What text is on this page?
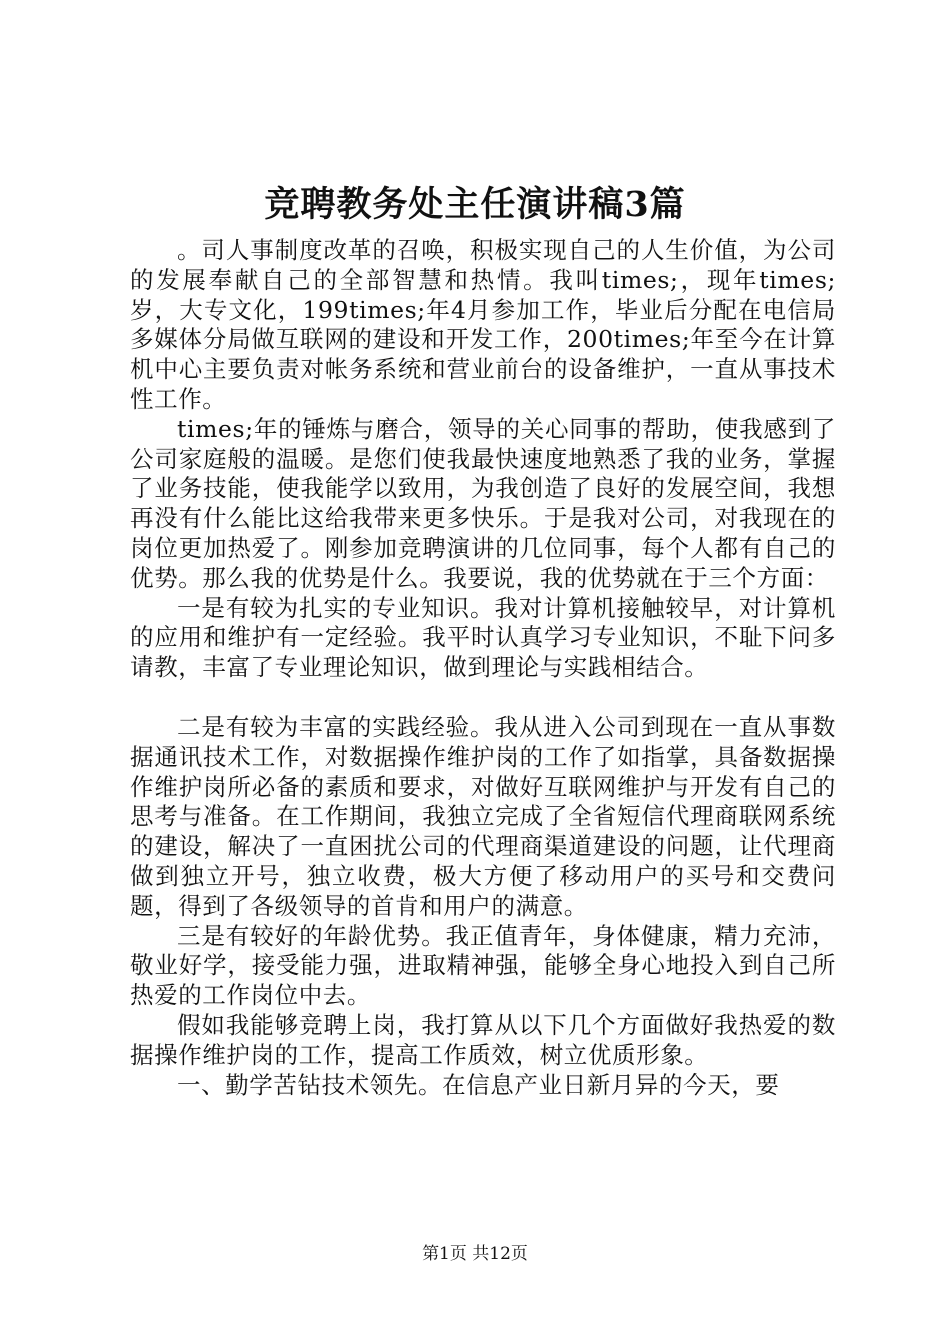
竞聘教务处主任演讲稿3篇

。司人事制度改革的召唤，积极实现自己的人生价值，为公司的发展奉献自己的全部智慧和热情。我叫times;，现年times;岁，大专文化，199times;年4月参加工作，毕业后分配在电信局多媒体分局做互联网的建设和开发工作，200times;年至今在计算机中心主要负责对帐务系统和营业前台的设备维护，一直从事技术性工作。

times;年的锤炼与磨合，领导的关心同事的帮助，使我感到了公司家庭般的温暖。是您们使我最快速度地熟悉了我的业务，掌握了业务技能，使我能学以致用，为我创造了良好的发展空间，我想再没有什么能比这给我带来更多快乐。于是我对公司，对我现在的岗位更加热爱了。刚参加竞聘演讲的几位同事，每个人都有自己的优势。那么我的优势是什么。我要说，我的优势就在于三个方面：

一是有较为扎实的专业知识。我对计算机接触较早，对计算机的应用和维护有一定经验。我平时认真学习专业知识，不耻下问多请教，丰富了专业理论知识，做到理论与实践相结合。

二是有较为丰富的实践经验。我从进入公司到现在一直从事数据通讯技术工作，对数据操作维护岗的工作了如指掌，具备数据操作维护岗所必备的素质和要求，对做好互联网维护与开发有自己的思考与准备。在工作期间，我独立完成了全省短信代理商联网系统的建设，解决了一直困扰公司的代理商渠道建设的问题，让代理商做到独立开号，独立收费，极大方便了移动用户的买号和交费问题，得到了各级领导的首肯和用户的满意。

三是有较好的年龄优势。我正值青年，身体健康，精力充沛，敬业好学，接受能力强，进取精神强，能够全身心地投入到自己所热爱的工作岗位中去。

假如我能够竞聘上岗，我打算从以下几个方面做好我热爱的数据操作维护岗的工作，提高工作质效，树立优质形象。

一、勤学苦钻技术领先。在信息产业日新月异的今天，要

第1页 共12页
